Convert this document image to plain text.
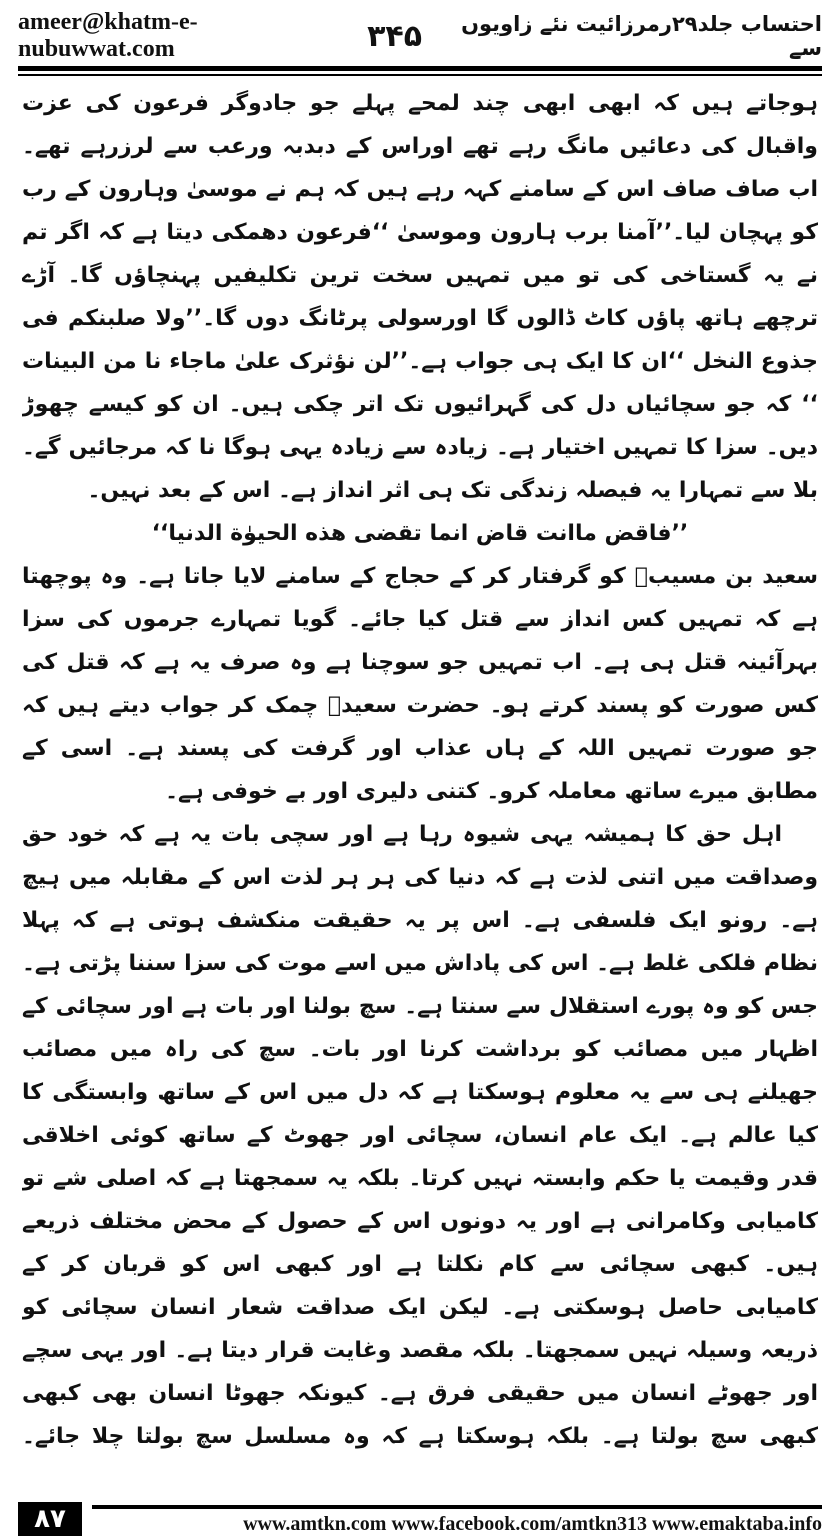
ameer@khatm-e-nubuwwat.com	۳۴۵	احتساب جلد۲۹رمرزائیت نئے زاویوں سے

ہوجاتے ہیں کہ ابھی ابھی چند لمحے پہلے جو جادوگر فرعون کی عزت واقبال کی دعائیں مانگ رہے تھے اوراس کے دبدبہ ورعب سے لرزرہے تھے۔ اب صاف صاف اس کے سامنے کہہ رہے ہیں کہ ہم نے موسیٰ وہارون کے رب کو پہچان لیا۔’’آمنا برب ہارون وموسیٰ ‘‘فرعون دھمکی دیتا ہے کہ اگر تم نے یہ گستاخی کی تو میں تمہیں سخت ترین تکلیفیں پہنچاؤں گا۔ آڑے ترچھے ہاتھ پاؤں کاٹ ڈالوں گا اورسولی پرٹانگ دوں گا۔’’ولا صلبنکم فی جذوع النخل ‘‘ان کا ایک ہی جواب ہے۔’’لن نؤثرک علیٰ ماجاء نا من البینات ‘‘ کہ جو سچائیاں دل کی گہرائیوں تک اتر چکی ہیں۔ ان کو کیسے چھوڑ دیں۔ سزا کا تمہیں اختیار ہے۔ زیادہ سے زیادہ یہی ہوگا نا کہ مرجائیں گے۔ بلا سے تمہارا یہ فیصلہ زندگی تک ہی اثر انداز ہے۔ اس کے بعد نہیں۔

’’فاقض ماانت قاض انما تقضی هذه الحیوٰة الدنیا‘‘

سعید بن مسیبؒ کو گرفتار کر کے حجاج کے سامنے لایا جاتا ہے۔ وہ پوچھتا ہے کہ تمہیں کس انداز سے قتل کیا جائے۔ گویا تمہارے جرموں کی سزا بہرآئینہ قتل ہی ہے۔ اب تمہیں جو سوچنا ہے وہ صرف یہ ہے کہ قتل کی کس صورت کو پسند کرتے ہو۔ حضرت سعیدؒ چمک کر جواب دیتے ہیں کہ جو صورت تمہیں اللہ کے ہاں عذاب اور گرفت کی پسند ہے۔ اسی کے مطابق میرے ساتھ معاملہ کرو۔ کتنی دلیری اور بے خوفی ہے۔

اہل حق کا ہمیشہ یہی شیوہ رہا ہے اور سچی بات یہ ہے کہ خود حق وصداقت میں اتنی لذت ہے کہ دنیا کی ہر ہر لذت اس کے مقابلہ میں ہیچ ہے۔ رونو ایک فلسفی ہے۔ اس پر یہ حقیقت منکشف ہوتی ہے کہ پہلا نظام فلکی غلط ہے۔ اس کی پاداش میں اسے موت کی سزا سننا پڑتی ہے۔ جس کو وہ پورے استقلال سے سنتا ہے۔ سچ بولنا اور بات ہے اور سچائی کے اظہار میں مصائب کو برداشت کرنا اور بات۔ سچ کی راہ میں مصائب جھیلنے ہی سے یہ معلوم ہوسکتا ہے کہ دل میں اس کے ساتھ وابستگی کا کیا عالم ہے۔ ایک عام انسان، سچائی اور جھوٹ کے ساتھ کوئی اخلاقی قدر وقیمت یا حکم وابستہ نہیں کرتا۔ بلکہ یہ سمجھتا ہے کہ اصلی شے تو کامیابی وکامرانی ہے اور یہ دونوں اس کے حصول کے محض مختلف ذریعے ہیں۔ کبھی سچائی سے کام نکلتا ہے اور کبھی اس کو قربان کر کے کامیابی حاصل ہوسکتی ہے۔ لیکن ایک صداقت شعار انسان سچائی کو ذریعہ وسیلہ نہیں سمجھتا۔ بلکہ مقصد وغایت قرار دیتا ہے۔ اور یہی سچے اور جھوٹے انسان میں حقیقی فرق ہے۔ کیونکہ جھوٹا انسان بھی کبھی کبھی سچ بولتا ہے۔ بلکہ ہوسکتا ہے کہ وہ مسلسل سچ بولتا چلا جائے۔

۸۷	www.amtkn.com www.facebook.com/amtkn313 www.emaktaba.info
